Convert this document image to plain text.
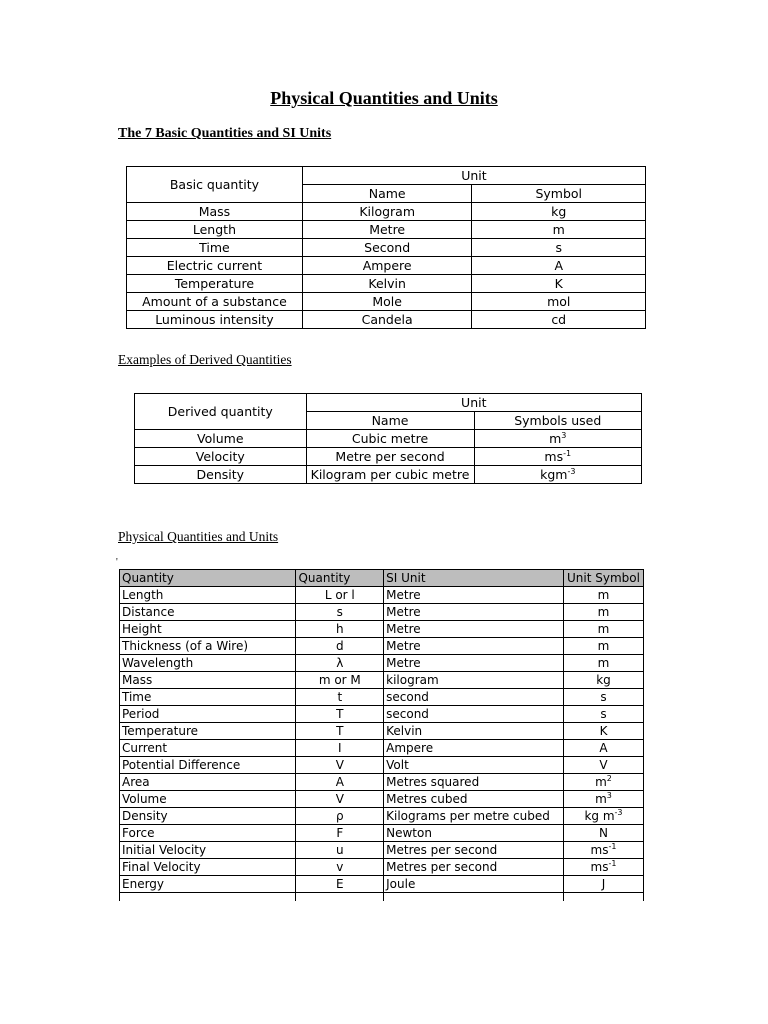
Physical Quantities and Units
The 7 Basic Quantities and SI Units
Basic quantity	Unit	
	Name	Symbol
Mass	Kilogram	kg
Length	Metre	m
Time	Second	s
Electric current	Ampere	A
Temperature	Kelvin	K
Amount of a substance	Mole	mol
Luminous intensity	Candela	cd
Examples of Derived Quantities
Derived quantity	Unit	
	Name	Symbols used
Volume	Cubic metre	$m^3$
Velocity	Metre per second	$ms^{-1}$
Density	Kilogram per cubic metre	kgm$^{-3}$
Physical Quantities and Units
'
Quantity	Quantity	SI Unit	Unit Symbol
Length	L or l	Metre	m
Distance	s	Metre	m
Height	h	Metre	m
Thickness (of a Wire)	d	Metre	m
Wavelength	λ	Metre	m
Mass	m or M	kilogram	kg
Time	t	second	s
Period	T	second	s
Temperature	T	Kelvin	K
Current	I	Ampere	A
Potential Difference	V	Volt	V
Area	A	Metres squared	$m^2$
Volume	V	Metres cubed	$m^3$
Density	ρ	Kilograms per metre cubed	kg $m^{-3}$
Force	F	Newton	N
Initial Velocity	u	Metres per second	$ms^{-1}$
Final Velocity	v	Metres per second	$ms^{-1}$
Energy	E	Joule	J
